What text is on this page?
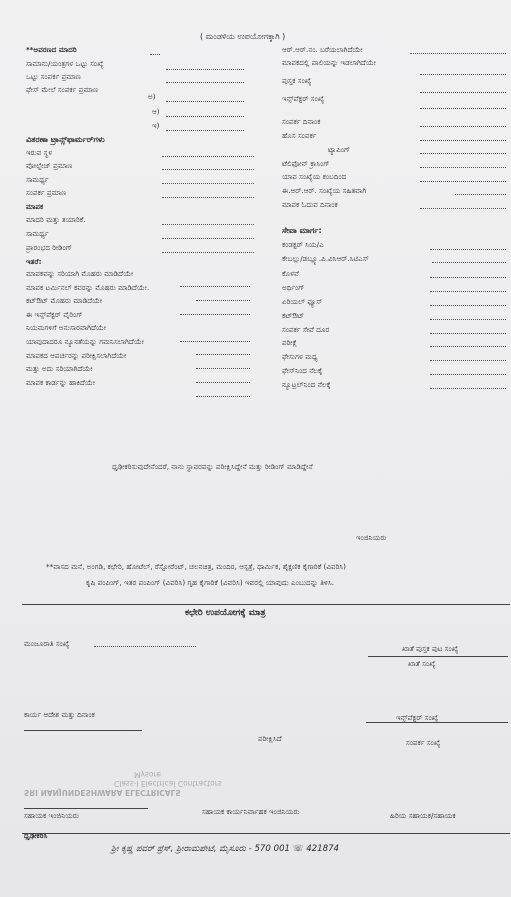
( ಮಂಡಳಿಯ ಉಪಯೋಗಕ್ಕಾಗಿ )
**ಅವರಣದ ಮಾದರಿ
ಸಾಮಾನು/ಯಂತ್ರಗಳ ಒಟ್ಟು ಸಂಖ್ಯೆ
ಒಟ್ಟು ಸಂಪರ್ಕ ಪ್ರಮಾಣ
ಫೇಸ್ ಮೇಲೆ ಸಂಪರ್ಕ ಪ್ರಮಾಣ
ಅ)
ಆ)
ಇ)
ಆರ್.ಆರ್.ನಂ. ಬರೆಯಲಾಗಿದೆಯೇ
ಮಾಪಕದಲ್ಲಿ ಪಾಲಿಯನ್ನು ಇಡಲಾಗಿದೆಯೇ
ಪುಸ್ತಕ ಸಂಖ್ಯೆ
ಇನ್ಸ್‌ಪೆಕ್ಟರ್ ಸಂಖ್ಯೆ
ಸಂಪರ್ಕ ದಿನಾಂಕ
ಹೊಸ ಸಂಪರ್ಕ
ವಿತರಣಾ ಟ್ರಾನ್ಸ್‌ಫಾರ್ಮರ್‌ಗಳು
ಇರುವ ಸ್ಥಳ
ವೋಲ್ಟೇಜ್ ಪ್ರಮಾಣ
ಸಾಮರ್ಥ್ಯ
ಸಂಪರ್ಕ ಪ್ರಮಾಣ
ಮಾಪಕ
ಮಾದರಿ ಮತ್ತು ತಯಾರಿಕೆ.
ಸಾಮರ್ಥ್ಯ
ಪ್ರಾರಂಭದ ರೀಡಿಂಗ್
ಇತರೆ:
ಮಾಪಕವನ್ನು ಸರಿಯಾಗಿ ಮೊಹರು ಮಾಡಿದೆಯೇ
ಮಾಪಕ ಟರ್ಮಿನಲ್ ಕವರನ್ನು ಮೊಹರು ಮಾಡಿದೆಯೇ.
ಕಟ್‌ಔಟ್ ಮೊಹರು ಮಾಡಿದೆಯೇ
ಈ ಇನ್ಸ್‌ಪೆಕ್ಟರ್ ವೈರಿಂಗ್
ನಿಯಮಗಳಿಗೆ ಅನುಸಾರವಾಗಿದೆಯೇ
ಯಾವುದಾದರೂ ನ್ಯೂನತೆಯನ್ನು ಗಮನಿಸಲಾಗಿದೆಯೇ
ಮಾಪಕದ ಆಪರ್ಚರನ್ನು ಪರೀಕ್ಷಿಸಲಾಗಿದೆಯೇ
ಮತ್ತು ಅದು ಸರಿಯಾಗಿದೆಯೇ
ಮಾಪಕ ಕಾರ್ಡನ್ನು ಹಾಕಿದೆಯೇ
ಟ್ಯಾಪಿಂಗ್
ಟೆಲಿಫೋನ್ ಕ್ರಾಸಿಂಗ್
ಯಾವ ಸಂಖ್ಯೆಯ ಕಂಬದಿಂದ
ಈ.ಆರ್.ಆರ್. ಸಂಖ್ಯೆಯ ಸಹಿತವಾಗಿ
ಮಾಪಕ ಓದುವ ದಿನಾಂಕ
ಸೇವಾ ಮಾರ್ಗ:
ಕಂಡಕ್ಟರ್ ಸಿಯ/ಎ
ಕೇಬಲ್ಲು/ಡಬ್ಲ್ಯೂ.ಪಿ.ವಿಸಿಆರ್.ಸಿಟಿಎಸ್
ಕೊಳವೆ
ಅರ್ಥಿಂಗ್
ಏರಿಯಲ್ ಫ್ಯೂಸ್
ಕಟ್‌ಔಟ್
ಸಂಪರ್ಕ ಸೇವೆ ದೂರ
ಪರೀಕ್ಷೆ
ಫೇಸುಗಳ ಮಧ್ಯ
ಫೇಸ್‌ನಿಂದ ನೆಲಕ್ಕೆ
ನ್ಯೂಟ್ರಲ್‌ನಿಂದ ನೆಲಕ್ಕೆ
ಧೃಢೀಕರಿಸುವುದೇನೆಂದರೆ, ನಾನು ಸ್ಥಾವರವನ್ನು ಪರೀಕ್ಷಿಸಿದ್ದೇನೆ ಮತ್ತು ರೀಡಿಂಗ್ ಮಾಡಿದ್ದೇನೆ
ಇಂಜಿನಿಯರು
**ವಾಸದ ಮನೆ, ಅಂಗಡಿ, ಕಛೇರಿ, ಹೋಟೆಲ್, ರೆಸ್ಟೋರೆಂಟ್, ಚಲನಚಿತ್ರ, ಮಂದಿರ, ಆಸ್ಪತ್ರೆ, ಧಾರ್ಮಿಕ, ಶೈಕ್ಷಣಿಕ ಕೈಗಾರಿಕೆ (ವಿವರಿಸಿ)
ಕೃಷಿ ಪಂಪಿಂಗ್, ಇತರ ಪಂಪಿಂಗ್ (ವಿವರಿಸಿ) ಗೃಹ ಕೈಗಾರಿಕೆ (ವಿವರಿಸಿ) ಇವರಲ್ಲಿ ಯಾವುದು ಎಂಬುದನ್ನು ತಿಳಿಸಿ.
ಕಛೇರಿ ಉಪಯೋಗಕ್ಕೆ ಮಾತ್ರ
ಮಂಜೂರಾತಿ ಸಂಖ್ಯೆ
ಖಾತೆ ಪುಸ್ತಕ ಪುಟ ಸಂಖ್ಯೆ
ಖಾತೆ ಸಂಖ್ಯೆ
ಕಾರ್ಯ ಆದೇಶ ಮತ್ತು ದಿನಾಂಕ	ಇನ್ಸ್‌ಪೆಕ್ಟರ್ ಸಂಖ್ಯೆ
ಪರೀಕ್ಷಿಸಿದೆ	ಸಂಪರ್ಕ ಸಂಖ್ಯೆ
SRI NANJUNDESHWARA ELECTRICALS
Class-I Electrical Contractors
Mysore
ಸಹಾಯಕ ಇಂಜಿನಿಯರು	ಸಹಾಯಕ ಕಾರ್ಯನಿರ್ವಾಹಕ ಇಂಜಿನಿಯರು	ಹಿರಿಯ ಸಹಾಯಕ/ಸಹಾಯಕ
ಧೃಢೀಕರಿಸಿ
ಶ್ರೀ ಕೃಷ್ಣ ಪವರ್ ಪ್ರೆಸ್, ಶ್ರೀರಾಮಪೇಟೆ, ಮೈಸೂರು - 570 001 ☏ 421874
